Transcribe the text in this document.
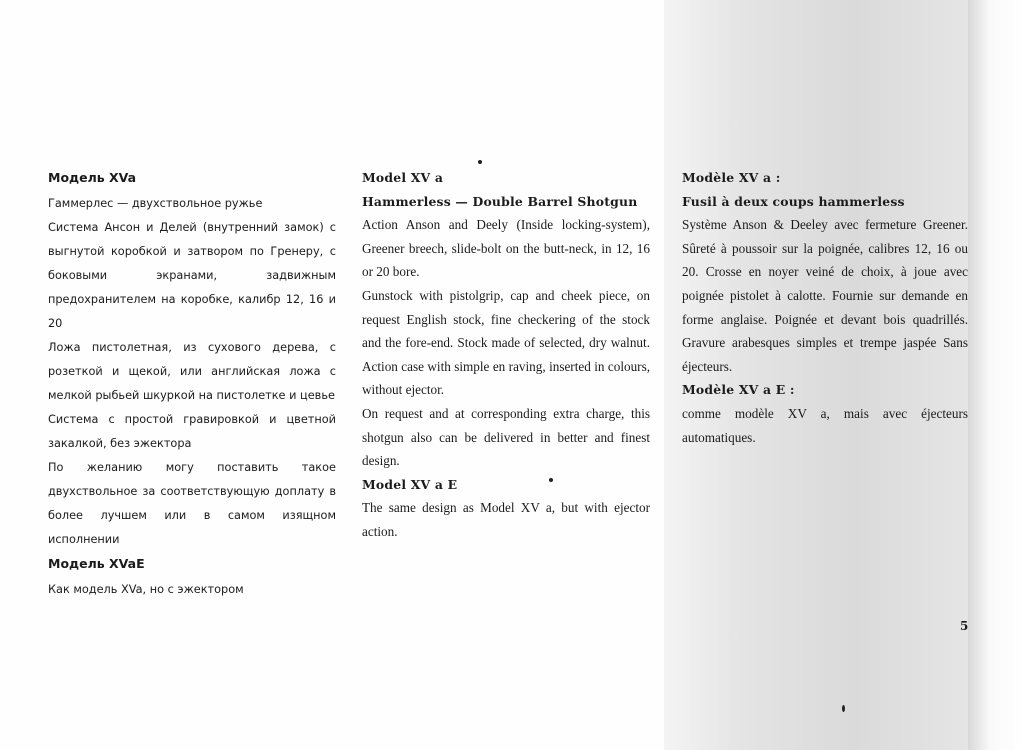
Модель XVa
Гаммерлес — двухствольное ружье
Система Ансон и Делей (внутренний замок) с выгнутой коробкой и затвором по Гренеру, с боковыми экранами, задвижным предохранителем на коробке, калибр 12, 16 и 20
Ложа пистолетная, из сухового дерева, с розеткой и щекой, или английская ложа с мелкой рыбьей шкуркой на пистолетке и цевье
Система с простой гравировкой и цветной закалкой, без эжектора
По желанию могу поставить такое двухствольное за соответствующую доплату в более лучшем или в самом изящном исполнении
Модель XVaE
Как модель XVa, но с эжектором
Model XV a
Hammerless — Double Barrel Shotgun
Action Anson and Deely (Inside locking-system), Greener breech, slide-bolt on the butt-neck, in 12, 16 or 20 bore.
Gunstock with pistolgrip, cap and cheek piece, on request English stock, fine checkering of the stock and the fore-end. Stock made of selected, dry walnut. Action case with simple en raving, inserted in colours, without ejector.
On request and at corresponding extra charge, this shotgun also can be delivered in better and finest design.
Model XV a E
The same design as Model XV a, but with ejector action.
Modèle XV a :
Fusil à deux coups hammerless
Système Anson & Deeley avec fermeture Greener. Sûreté à poussoir sur la poignée, calibres 12, 16 ou 20. Crosse en noyer veiné de choix, à joue avec poignée pistolet à calotte. Fournie sur demande en forme anglaise. Poignée et devant bois quadrillés. Gravure arabesques simples et trempe jaspée Sans éjecteurs.
Modèle XV a E :
comme modèle XV a, mais avec éjecteurs automatiques.
5
